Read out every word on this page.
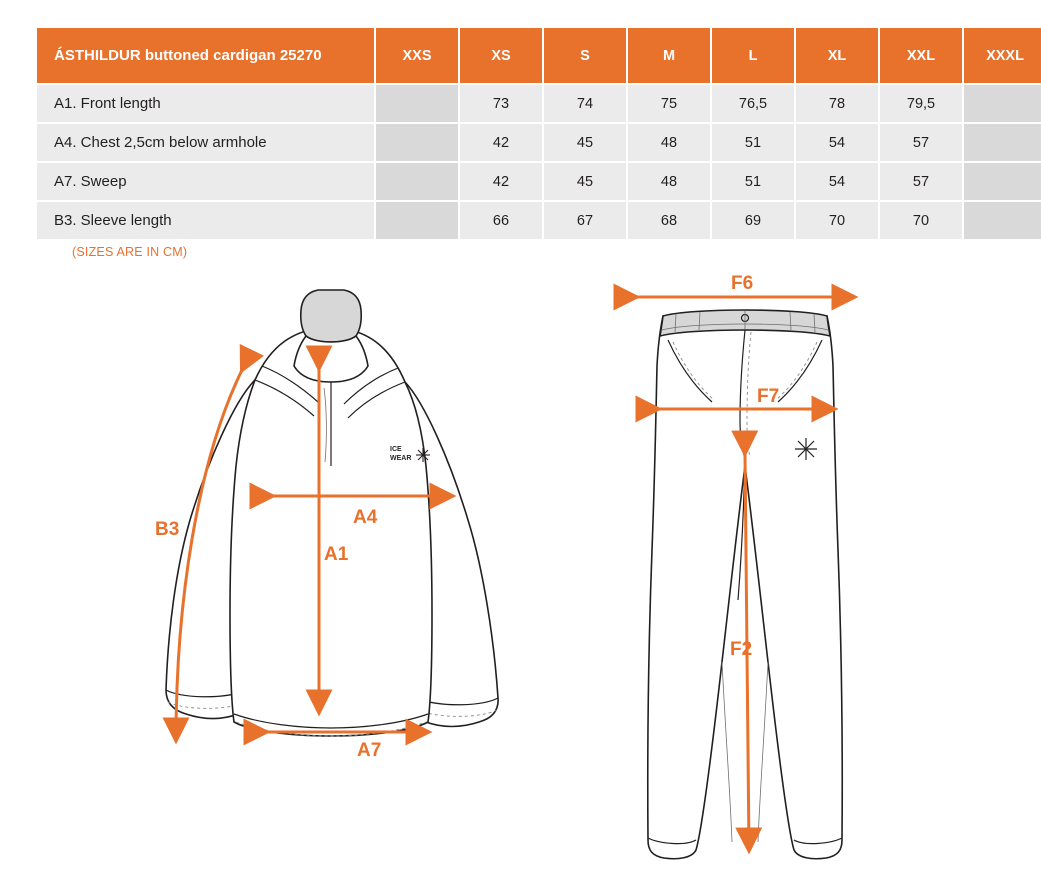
ÁSTHILDUR buttoned cardigan 25270	XXS	XS	S	M	L	XL	XXL	XXXL
A1. Front length		73	74	75	76,5	78	79,5	
A4. Chest 2,5cm below armhole		42	45	48	51	54	57	
A7. Sweep		42	45	48	51	54	57	
B3. Sleeve length		66	67	68	69	70	70	
(SIZES ARE IN CM)
ICE
WEAR
B3
A4
A1
A7
F6
F7
F2
